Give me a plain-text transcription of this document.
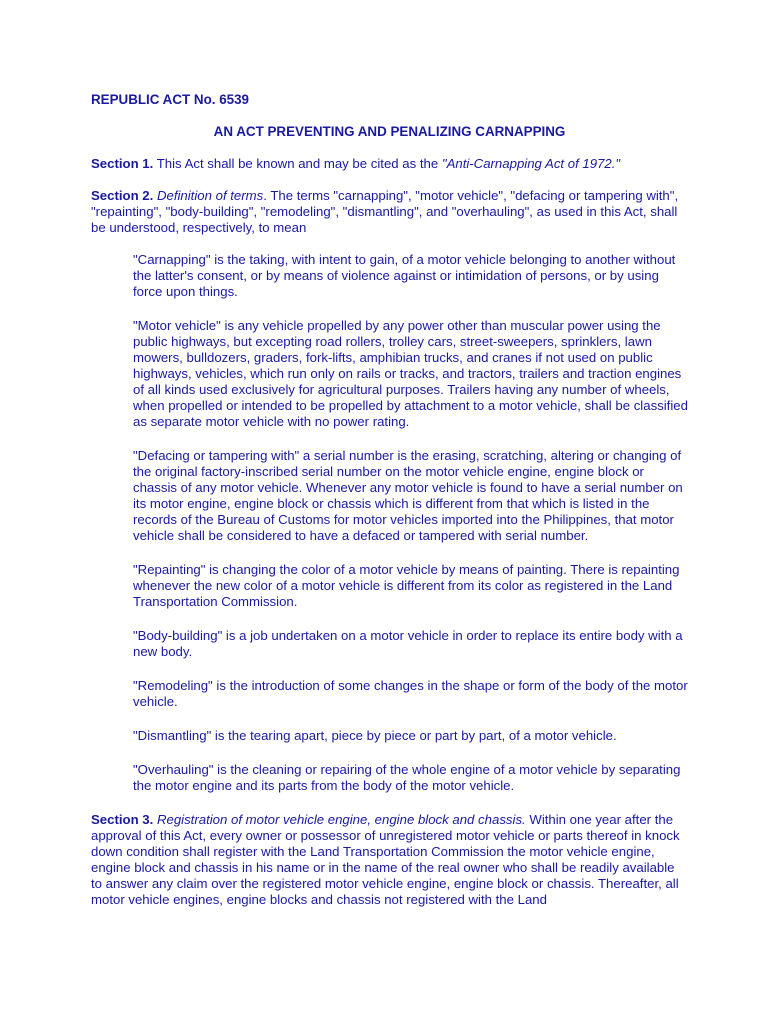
REPUBLIC ACT No. 6539

AN ACT PREVENTING AND PENALIZING CARNAPPING

Section 1. This Act shall be known and may be cited as the "Anti-Carnapping Act of 1972."

Section 2. Definition of terms. The terms "carnapping", "motor vehicle", "defacing or tampering with", "repainting", "body-building", "remodeling", "dismantling", and "overhauling", as used in this Act, shall be understood, respectively, to mean

"Carnapping" is the taking, with intent to gain, of a motor vehicle belonging to another without the latter's consent, or by means of violence against or intimidation of persons, or by using force upon things.

"Motor vehicle" is any vehicle propelled by any power other than muscular power using the public highways, but excepting road rollers, trolley cars, street-sweepers, sprinklers, lawn mowers, bulldozers, graders, fork-lifts, amphibian trucks, and cranes if not used on public highways, vehicles, which run only on rails or tracks, and tractors, trailers and traction engines of all kinds used exclusively for agricultural purposes. Trailers having any number of wheels, when propelled or intended to be propelled by attachment to a motor vehicle, shall be classified as separate motor vehicle with no power rating.

"Defacing or tampering with" a serial number is the erasing, scratching, altering or changing of the original factory-inscribed serial number on the motor vehicle engine, engine block or chassis of any motor vehicle. Whenever any motor vehicle is found to have a serial number on its motor engine, engine block or chassis which is different from that which is listed in the records of the Bureau of Customs for motor vehicles imported into the Philippines, that motor vehicle shall be considered to have a defaced or tampered with serial number.

"Repainting" is changing the color of a motor vehicle by means of painting. There is repainting whenever the new color of a motor vehicle is different from its color as registered in the Land Transportation Commission.

"Body-building" is a job undertaken on a motor vehicle in order to replace its entire body with a new body.

"Remodeling" is the introduction of some changes in the shape or form of the body of the motor vehicle.

"Dismantling" is the tearing apart, piece by piece or part by part, of a motor vehicle.

"Overhauling" is the cleaning or repairing of the whole engine of a motor vehicle by separating the motor engine and its parts from the body of the motor vehicle.

Section 3. Registration of motor vehicle engine, engine block and chassis. Within one year after the approval of this Act, every owner or possessor of unregistered motor vehicle or parts thereof in knock down condition shall register with the Land Transportation Commission the motor vehicle engine, engine block and chassis in his name or in the name of the real owner who shall be readily available to answer any claim over the registered motor vehicle engine, engine block or chassis. Thereafter, all motor vehicle engines, engine blocks and chassis not registered with the Land
